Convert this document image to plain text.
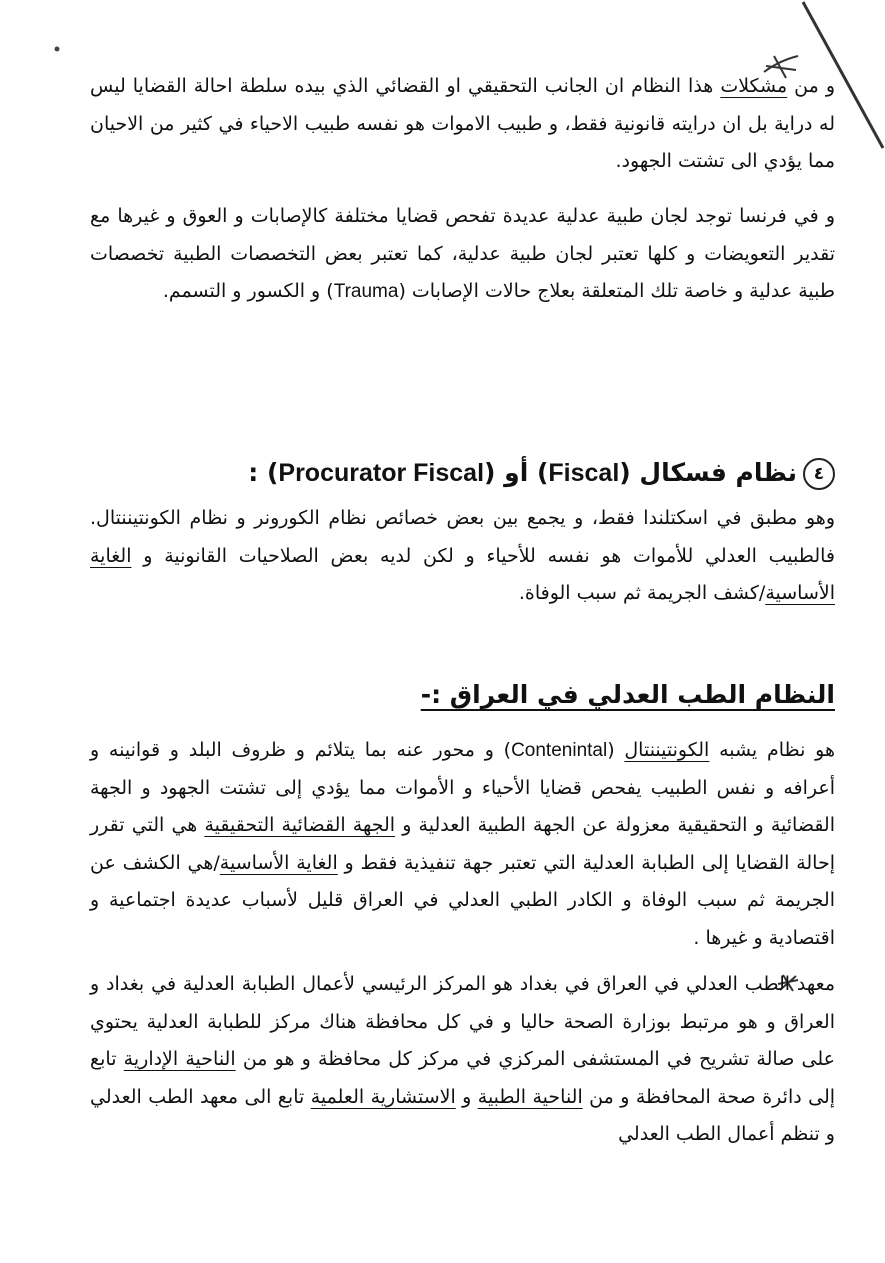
و من مشكلات هذا النظام ان الجانب التحقيقي او القضائي الذي بيده سلطة احالة القضايا ليس له دراية بل ان درايته قانونية فقط، و طبيب الاموات هو نفسه طبيب الاحياء في كثير من الاحيان مما يؤدي الى تشتت الجهود.
و في فرنسا توجد لجان طبية عدلية عديدة تفحص قضايا مختلفة كالإصابات و العوق و غيرها مع تقدير التعويضات و كلها تعتبر لجان طبية عدلية، كما تعتبر بعض التخصصات الطبية تخصصات طبية عدلية و خاصة تلك المتعلقة بعلاج حالات الإصابات (Trauma) و الكسور و التسمم.
٤نظام فسكال (Fiscal) أو (Procurator Fiscal) :
وهو مطبق في اسكتلندا فقط، و يجمع بين بعض خصائص نظام الكورونر و نظام الكونتيننتال. فالطبيب العدلي للأموات هو نفسه للأحياء و لكن لديه بعض الصلاحيات القانونية و الغاية الأساسية/كشف الجريمة ثم سبب الوفاة.
النظام الطب العدلي في العراق :-
هو نظام يشبه الكونتيننتال (Contenintal) و محور عنه بما يتلائم و ظروف البلد و قوانينه و أعرافه و نفس الطبيب يفحص قضايا الأحياء و الأموات مما يؤدي إلى تشتت الجهود و الجهة القضائية و التحقيقية معزولة عن الجهة الطبية العدلية و الجهة القضائية التحقيقية هي التي تقرر إحالة القضايا إلى الطبابة العدلية التي تعتبر جهة تنفيذية فقط و الغاية الأساسية/هي الكشف عن الجريمة ثم سبب الوفاة و الكادر الطبي العدلي في العراق قليل لأسباب عديدة اجتماعية و اقتصادية و غيرها .
معهد الطب العدلي في العراق في بغداد هو المركز الرئيسي لأعمال الطبابة العدلية في بغداد و العراق و هو مرتبط بوزارة الصحة حاليا و في كل محافظة هناك مركز للطبابة العدلية يحتوي على صالة تشريح في المستشفى المركزي في مركز كل محافظة و هو من الناحية الإدارية تابع إلى دائرة صحة المحافظة و من الناحية الطبية و الاستشارية العلمية تابع الى معهد الطب العدلي و تنظم أعمال الطب العدلي
